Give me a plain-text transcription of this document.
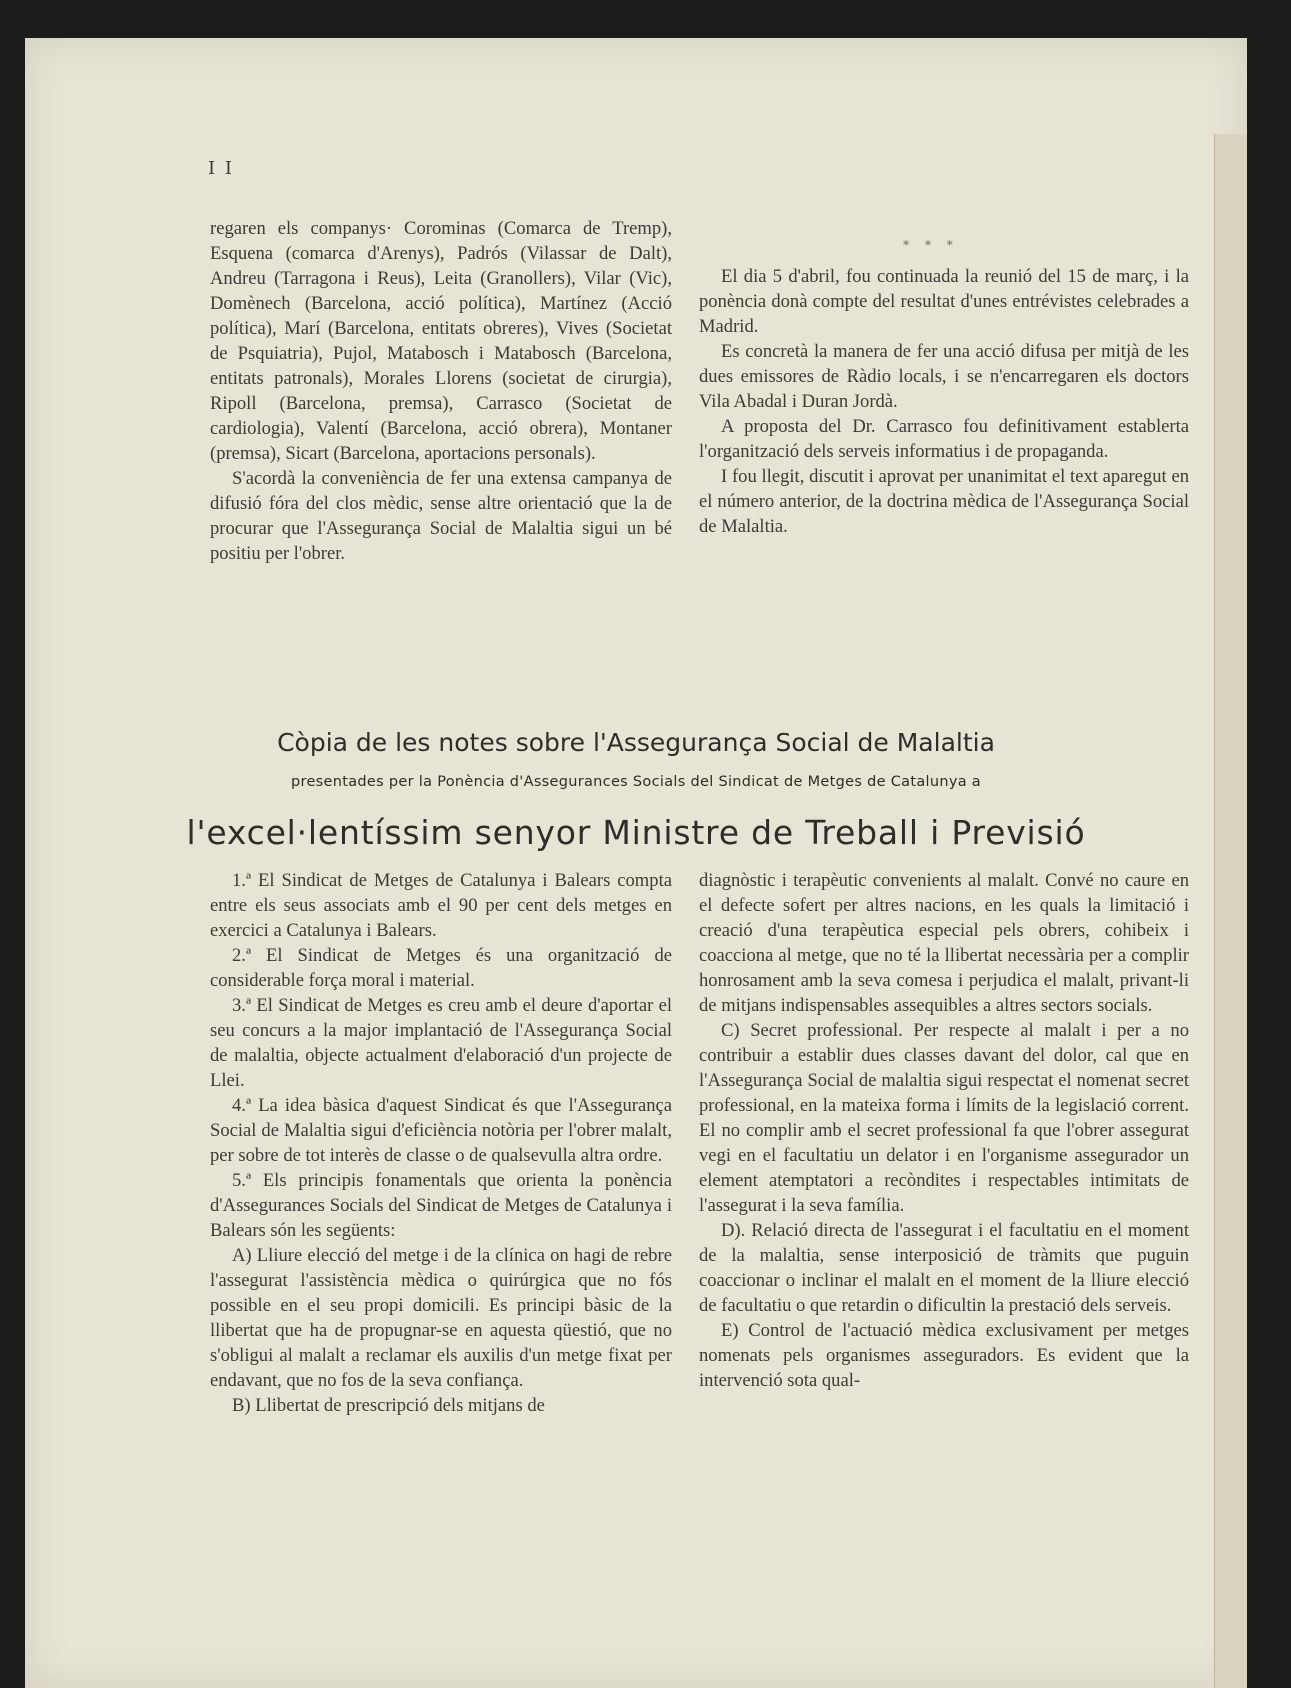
I I

regaren els companys· Corominas (Comarca de Tremp), Esquena (comarca d'Arenys), Padrós (Vilassar de Dalt), Andreu (Tarragona i Reus), Leita (Granollers), Vilar (Vic), Domènech (Barcelona, acció política), Martínez (Acció política), Marí (Barcelona, entitats obreres), Vives (Societat de Psquiatria), Pujol, Matabosch i Matabosch (Barcelona, entitats patronals), Morales Llorens (societat de cirurgia), Ripoll (Barcelona, premsa), Carrasco (Societat de cardiologia), Valentí (Barcelona, acció obrera), Montaner (premsa), Sicart (Barcelona, aportacions personals).

S'acordà la conveniència de fer una extensa campanya de difusió fóra del clos mèdic, sense altre orientació que la de procurar que l'Assegurança Social de Malaltia sigui un bé positiu per l'obrer.

* * *

El dia 5 d'abril, fou continuada la reunió del 15 de març, i la ponència donà compte del resultat d'unes entrévistes celebrades a Madrid.

Es concretà la manera de fer una acció difusa per mitjà de les dues emissores de Ràdio locals, i se n'encarregaren els doctors Vila Abadal i Duran Jordà.

A proposta del Dr. Carrasco fou definitivament establerta l'organització dels serveis informatius i de propaganda.

I fou llegit, discutit i aprovat per unanimitat el text aparegut en el número anterior, de la doctrina mèdica de l'Assegurança Social de Malaltia.

Còpia de les notes sobre l'Assegurança Social de Malaltia
presentades per la Ponència d'Assegurances Socials del Sindicat de Metges de Catalunya a
l'excel·lentíssim senyor Ministre de Treball i Previsió

1.ª El Sindicat de Metges de Catalunya i Balears compta entre els seus associats amb el 90 per cent dels metges en exercici a Catalunya i Balears.

2.ª El Sindicat de Metges és una organització de considerable força moral i material.

3.ª El Sindicat de Metges es creu amb el deure d'aportar el seu concurs a la major implantació de l'Assegurança Social de malaltia, objecte actualment d'elaboració d'un projecte de Llei.

4.ª La idea bàsica d'aquest Sindicat és que l'Assegurança Social de Malaltia sigui d'eficiència notòria per l'obrer malalt, per sobre de tot interès de classe o de qualsevulla altra ordre.

5.ª Els principis fonamentals que orienta la ponència d'Assegurances Socials del Sindicat de Metges de Catalunya i Balears són les següents:

A) Lliure elecció del metge i de la clínica on hagi de rebre l'assegurat l'assistència mèdica o quirúrgica que no fós possible en el seu propi domicili. Es principi bàsic de la llibertat que ha de propugnar-se en aquesta qüestió, que no s'obligui al malalt a reclamar els auxilis d'un metge fixat per endavant, que no fos de la seva confiança.

B) Llibertat de prescripció dels mitjans de

diagnòstic i terapèutic convenients al malalt. Convé no caure en el defecte sofert per altres nacions, en les quals la limitació i creació d'una terapèutica especial pels obrers, cohibeix i coacciona al metge, que no té la llibertat necessària per a complir honrosament amb la seva comesa i perjudica el malalt, privant-li de mitjans indispensables assequibles a altres sectors socials.

C) Secret professional. Per respecte al malalt i per a no contribuir a establir dues classes davant del dolor, cal que en l'Assegurança Social de malaltia sigui respectat el nomenat secret professional, en la mateixa forma i límits de la legislació corrent. El no complir amb el secret professional fa que l'obrer assegurat vegi en el facultatiu un delator i en l'organisme assegurador un element atemptatori a recòndites i respectables intimitats de l'assegurat i la seva família.

D). Relació directa de l'assegurat i el facultatiu en el moment de la malaltia, sense interposició de tràmits que puguin coaccionar o inclinar el malalt en el moment de la lliure elecció de facultatiu o que retardin o dificultin la prestació dels serveis.

E) Control de l'actuació mèdica exclusivament per metges nomenats pels organismes asseguradors. Es evident que la intervenció sota qual-
